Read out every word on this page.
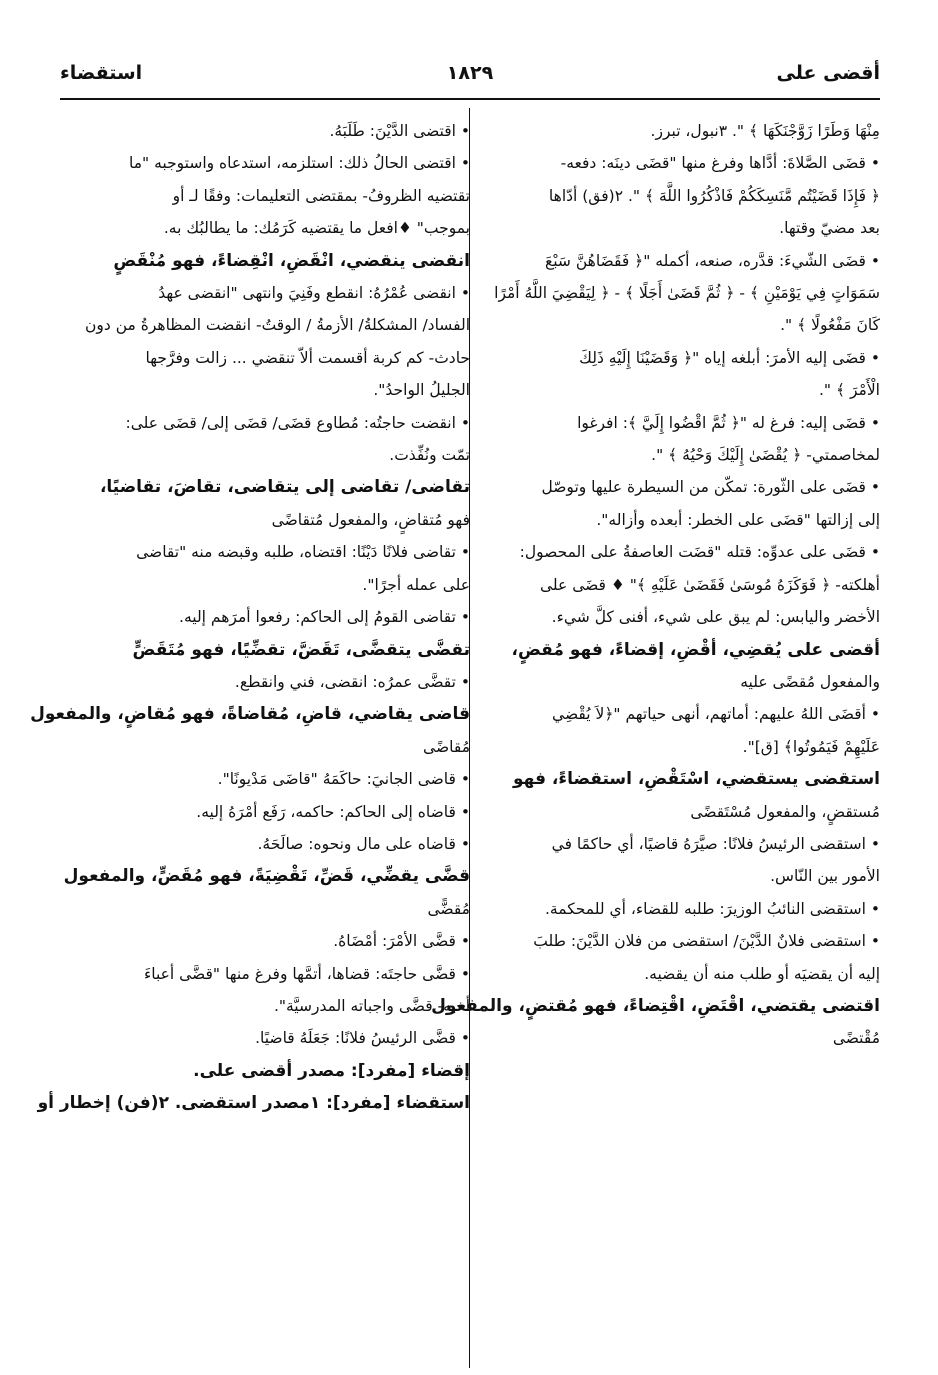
أقضى على
١٨٢٩
استقضاء
مِنْهَا وَطَرًا زَوَّجْنَكَهَا ﴾ ". ٣نبول، تبرز.
• قضَى الصَّلاةَ: أدَّاها وفرغ منها "قضَى دينَه: دفعه-
﴿ فَإِذَا قَضَيْتُم مَّنَسِكَكُمْ فَاذْكُرُوا اللَّهَ ﴾ ". ٢(فق) أدّاها
بعد مضيّ وقتها.
• قضَى الشّيءَ: قدَّره، صنعه، أكمله "﴿ فَقَضَاهُنَّ سَبْعَ
سَمَوَاتٍ فِي يَوْمَيْنِ ﴾ - ﴿ ثُمَّ قَضَىٰ أَجَلًا ﴾ - ﴿ لِيَقْضِيَ اللَّهُ أَمْرًا
كَانَ مَفْعُولًا ﴾ ".
• قضَى إليه الأمرَ: أبلغه إياه "﴿ وَقَضَيْنَا إِلَيْهِ ذَلِكَ
الْأَمْرَ ﴾ ".
• قضَى إليه: فرغ له "﴿ ثُمَّ اقْضُوا إِلَيَّ ﴾: افرغوا
لمخاصمتي- ﴿ يُقْضَىٰ إِلَيْكَ وَحْيُهُ ﴾ ".
• قضَى على الثّورة: تمكّن من السيطرة عليها وتوصّل
إلى إزالتها "قضَى على الخطر: أبعده وأزاله".
• قضَى على عدوِّه: قتله "قضَت العاصفةُ على المحصول:
أهلكته- ﴿ فَوَكَزَهُ مُوسَىٰ فَقَضَىٰ عَلَيْهِ ﴾" ♦ قضَى على
الأخضر واليابس: لم يبق على شيء، أفنى كلَّ شيء.
أقضى على يُقضِي، أقْضِ، إقضاءً، فهو مُقضٍ،
والمفعول مُقضًى عليه
• أقضَى اللهُ عليهم: أماتهم، أنهى حياتهم "﴿لاَ يُقْضِي
عَلَيْهِمْ فَيَمُوتُوا﴾ [ق]".
استقضى يستقضي، اسْتَقْضِ، استقضاءً، فهو
مُستقضٍ، والمفعول مُسْتَقضًى
• استقضى الرئيسُ فلانًا: صيَّرَهُ قاضيًا، أي حاكمًا في
الأمور بين النّاس.
• استقضى النائبُ الوزيرَ: طلبه للقضاء، أي للمحكمة.
• استقضى فلانٌ الدَّيْنَ/ استقضى من فلان الدَّيْنَ: طلبَ
إليه أن يقضيَه أو طلب منه أن يقضيه.
اقتضى يقتضي، اقْتَضِ، اقْتِضاءً، فهو مُقتضٍ، والمفعول
مُقْتضًى
• اقتضى الدَّيْنَ: طَلَبَهُ.
• اقتضى الحالُ ذلك: استلزمه، استدعاه واستوجبه "ما
تقتضيه الظروفُ- بمقتضى التعليمات: وفقًا لـ أو
بموجب" ♦افعل ما يقتضيه كَرَمُك: ما يطالبُك به.
انقضى ينقضي، انْقَضِ، انْقِضاءً، فهو مُنْقَضٍ
• انقضى عُمْرُهُ: انقطع وفَنِيَ وانتهى "انقضى عهدُ
الفساد/ المشكلةُ/ الأزمةُ / الوقتُ- انقضت المظاهرةُ من دون
حادث- كم كربة أقسمت ألاّ تنقضي ... زالت وفرَّجها
الجليلُ الواحدُ".
• انقضت حاجتُه: مُطاوع قضَى/ قضَى إلى/ قضَى على:
تمّت ونُفِّذت.
تقاضى/ تقاضى إلى يتقاضى، تقاضَ، تقاضيًا،
فهو مُتقاضٍ، والمفعول مُتقاضًى
• تقاضى فلانًا دَيْنًا: اقتضاه، طلبه وقبضه منه "تقاضى
على عمله أجرًا".
• تقاضى القومُ إلى الحاكم: رفعوا أمرَهم إليه.
تقضَّى يتقضَّى، تَقَضَّ، تقضِّيًا، فهو مُتَقَضٍّ
• تقضَّى عمرُه: انقضى، فني وانقطع.
قاضى يقاضي، قاضِ، مُقاضاةً، فهو مُقاضٍ، والمفعول
مُقاضًى
• قاضى الجانيَ: حاكَمَهُ "قاضَى مَدْيونًا".
• قاضاه إلى الحاكم: حاكمه، رَفَع أمْرَهُ إليه.
• قاضاه على مال ونحوه: صالَحَهُ.
قضَّى يقضِّي، قَضِّ، تَقْضِيَةً، فهو مُقَضٍّ، والمفعول
مُقضًّى
• قضَّى الأمْرَ: أمْضَاهُ.
• قضَّى حاجتَه: قضاها، أتمَّها وفرغ منها "قضَّى أعباءَ
أخيه- قضَّى واجباته المدرسيَّة".
• قضَّى الرئيسُ فلانًا: جَعَلَهُ قاضيًا.
إقضاء [مفرد]: مصدر أقضى على.
استقضاء [مفرد]: ١مصدر استقضى. ٢(فن) إخطار أو
